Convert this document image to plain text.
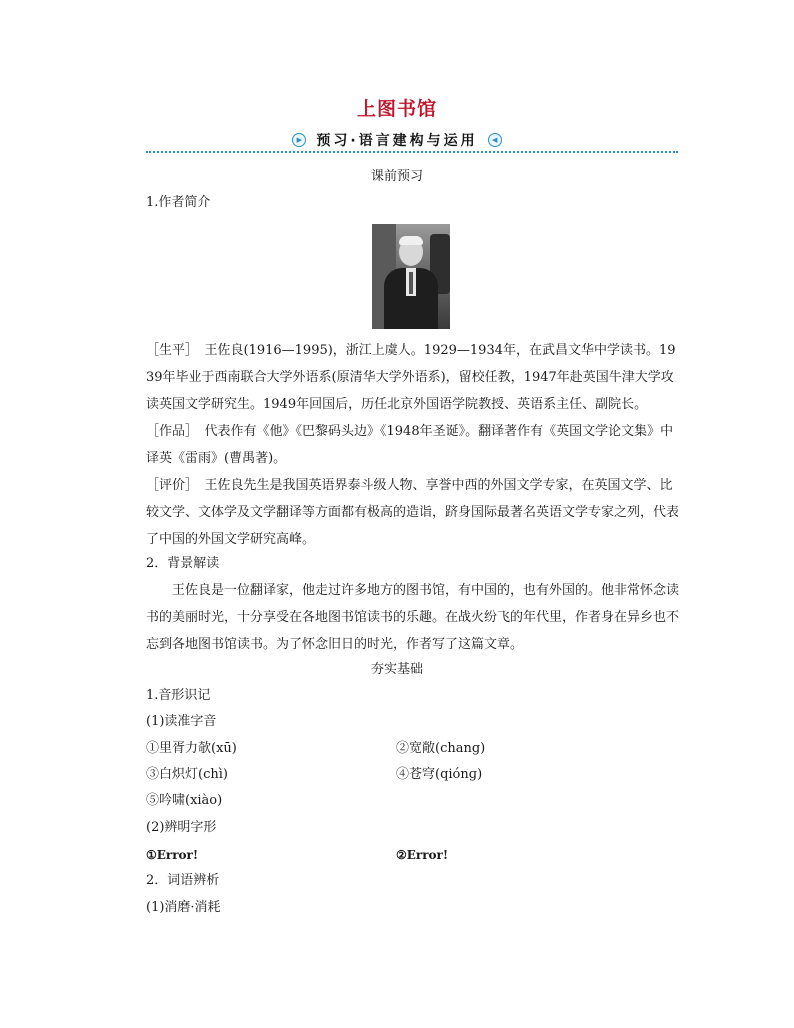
上图书馆
▶	预习·语言建构与运用	◀
课前预习
1.作者简介
［生平］　王佐良(1916—1995)，浙江上虞人。1929—1934年，在武昌文华中学读书。1939年毕业于西南联合大学外语系(原清华大学外语系)，留校任教，1947年赴英国牛津大学攻读英国文学研究生。1949年回国后，历任北京外国语学院教授、英语系主任、副院长。
［作品］　代表作有《他》《巴黎码头边》《1948年圣诞》。翻译著作有《英国文学论文集》中译英《雷雨》(曹禺著)。
［评价］　王佐良先生是我国英语界泰斗级人物、享誉中西的外国文学专家，在英国文学、比较文学、文体学及文学翻译等方面都有极高的造诣，跻身国际最著名英语文学专家之列，代表了中国的外国文学研究高峰。
2．背景解读
王佐良是一位翻译家，他走过许多地方的图书馆，有中国的，也有外国的。他非常怀念读书的美丽时光，十分享受在各地图书馆读书的乐趣。在战火纷飞的年代里，作者身在异乡也不忘到各地图书馆读书。为了怀念旧日的时光，作者写了这篇文章。
夯实基础
1.音形识记
(1)读准字音
①里胥力欹(xū)	②宽敞(chang)
③白炽灯(chì)	④苍穹(qiónɡ)
⑤吟啸(xiào)
(2)辨明字形
①Error!	②Error!
2．词语辨析
(1)消磨·消耗
